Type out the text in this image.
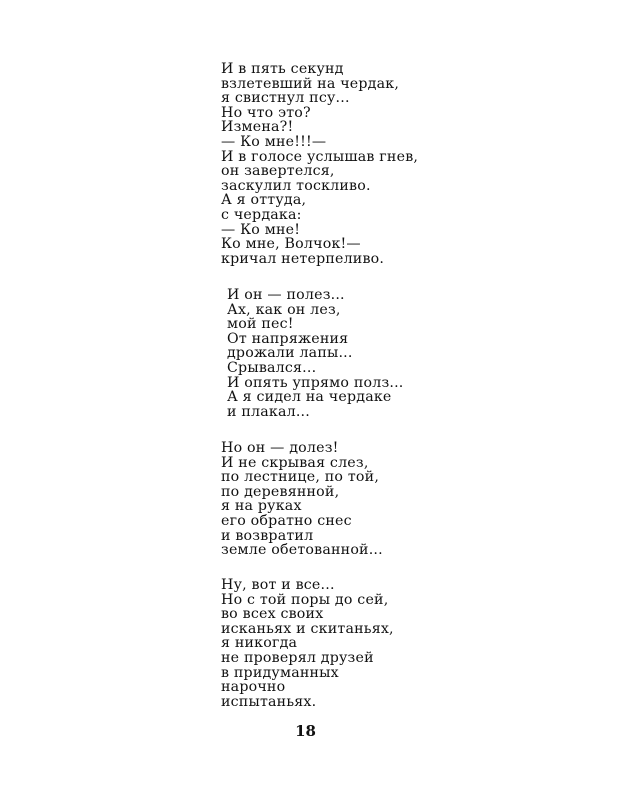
И в пять секунд
взлетевший на чердак,
я свистнул псу...
Но что это?
Измена?!
— Ко мне!!!—
И в голосе услышав гнев,
он завертелся,
заскулил тоскливо.
А я оттуда,
с чердака:
— Ко мне!
Ко мне, Волчок!—
кричал нетерпеливо.
И он — полез...
Ах, как он лез,
мой пес!
От напряжения
дрожали лапы...
Срывался...
И опять упрямо полз...
А я сидел на чердаке
и плакал...
Но он — долез!
И не скрывая слез,
по лестнице, по той,
по деревянной,
я на руках
его обратно снес
и возвратил
земле обетованной...
Ну, вот и все...
Но с той поры до сей,
во всех своих
исканьях и скитаньях,
я никогда
не проверял друзей
в придуманных
нарочно
испытаньях.
18
